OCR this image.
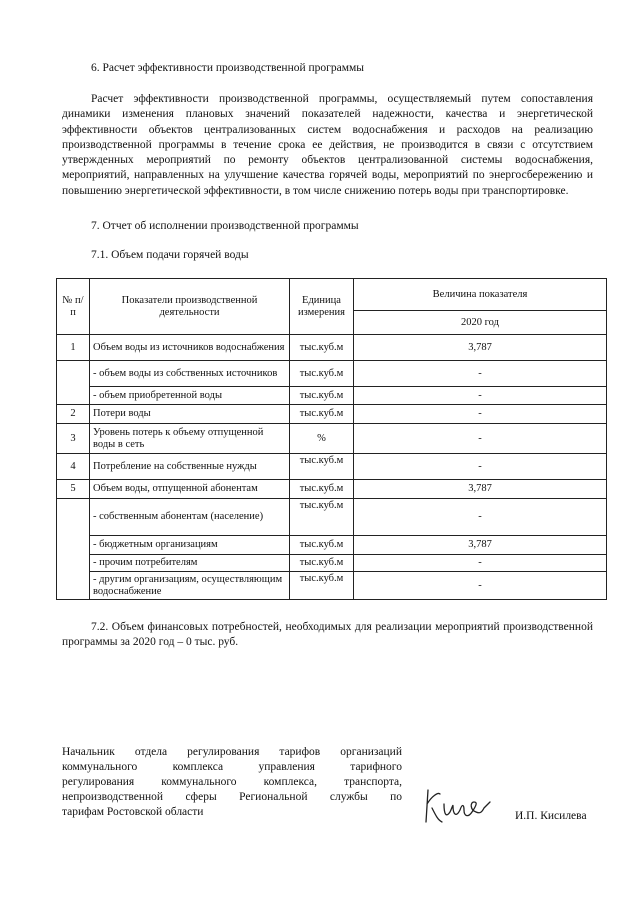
6. Расчет эффективности производственной программы
Расчет эффективности производственной программы, осуществляемый путем сопоставления динамики изменения плановых значений показателей надежности, качества и энергетической эффективности объектов централизованных систем водоснабжения и расходов на реализацию производственной программы в течение срока ее действия, не производится в связи с отсутствием утвержденных мероприятий по ремонту объектов централизованной системы водоснабжения, мероприятий, направленных на улучшение качества горячей воды, мероприятий по энергосбережению и повышению энергетической эффективности, в том числе снижению потерь воды при транспортировке.
7. Отчет об исполнении производственной программы
7.1. Объем подачи горячей воды
№ п/п	Показатели производственной деятельности	Единица измерения	Величина показателя
			2020 год
1	Объем воды из источников водоснабжения	тыс.куб.м	3,787
	- объем воды из собственных источников	тыс.куб.м	-
	- объем приобретенной воды	тыс.куб.м	-
2	Потери воды	тыс.куб.м	-
3	Уровень потерь к объему отпущенной воды в сеть	%	-
4	Потребление на собственные нужды	тыс.куб.м	-
5	Объем воды, отпущенной абонентам	тыс.куб.м	3,787
	- собственным абонентам (население)	тыс.куб.м	-
	- бюджетным организациям	тыс.куб.м	3,787
	- прочим потребителям	тыс.куб.м	-
	- другим организациям, осуществляющим водоснабжение	тыс.куб.м	-
7.2. Объем финансовых потребностей, необходимых для реализации мероприятий производственной программы за 2020 год – 0 тыс. руб.
Начальник отдела регулирования тарифов организаций
коммунального комплекса управления тарифного
регулирования коммунального комплекса, транспорта,
непроизводственной сферы Региональной службы по
тарифам Ростовской области	И.П. Кисилева
